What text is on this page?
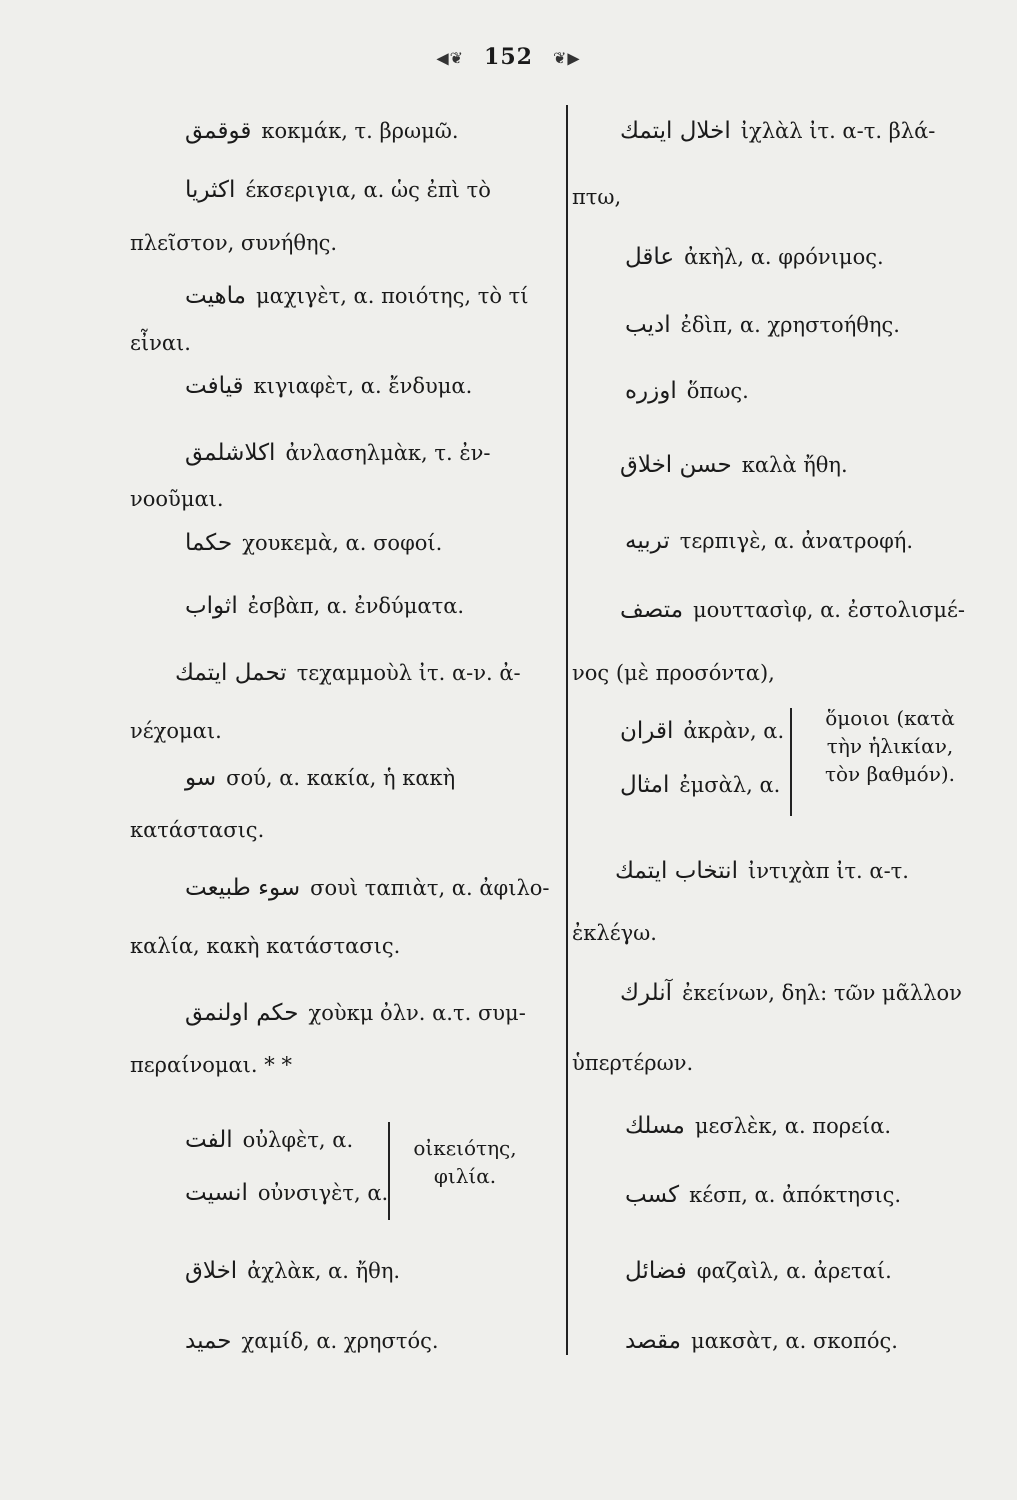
◀❦ 152 ❦▶
قوقمق κοκμάκ, τ. βρωμῶ.
اكثريا έκσεριγια, α. ὡς ἐπὶ τὸ
πλεῖστον, συνήθης.
ماهيت μαχιγὲτ, α. ποιότης, τὸ τί
εἶναι.
قيافت κιγιαφὲτ, α. ἔνδυμα.
اكلاشلمق ἀνλασηλμὰκ, τ. ἐν-
νοοῦμαι.
حكما χουκεμὰ, α. σοφοί.
اثواب ἐσβὰπ, α. ἐνδύματα.
تحمل ايتمك τεχαμμοὺλ ἰτ. α-ν. ἀ-
νέχομαι.
سو σού, α. κακία, ἡ κακὴ
κατάστασις.
سوء طبيعت σουὶ ταπιὰτ, α. ἀφιλο-
καλία, κακὴ κατάστασις.
حكم اولنمق χοὺκμ ὀλν. α.τ. συμ-
περαίνομαι. * *
الفت οὐλφὲτ, α.
انسيت οὐνσιγὲτ, α.
οἰκειότης,
φιλία.
اخلاق ἀχλὰκ, α. ἤθη.
حميد χαμίδ, α. χρηστός.
اخلال ايتمك ἰχλὰλ ἰτ. α-τ. βλά-
πτω,
عاقل ἀκὴλ, α. φρόνιμος.
اديب ἐδὶπ, α. χρηστοήθης.
اوزره ὅπως.
حسن اخلاق καλὰ ἤθη.
تربيه τερπιγὲ, α. ἀνατροφή.
متصف μουττασὶφ, α. ἐστολισμέ-
νος (μὲ προσόντα),
اقران ἀκρὰν, α.
امثال ἐμσὰλ, α.
ὅμοιοι (κατὰ
τὴν ἡλικίαν,
τὸν βαθμόν).
انتخاب ايتمك ἰντιχὰπ ἰτ. α-τ.
ἐκλέγω.
آنلرك ἐκείνων, δηλ: τῶν μᾶλλον
ὑπερτέρων.
مسلك μεσλὲκ, α. πορεία.
كسب κέσπ, α. ἀπόκτησις.
فضائل φαζαὶλ, α. ἀρεταί.
مقصد μακσὰτ, α. σκοπός.
